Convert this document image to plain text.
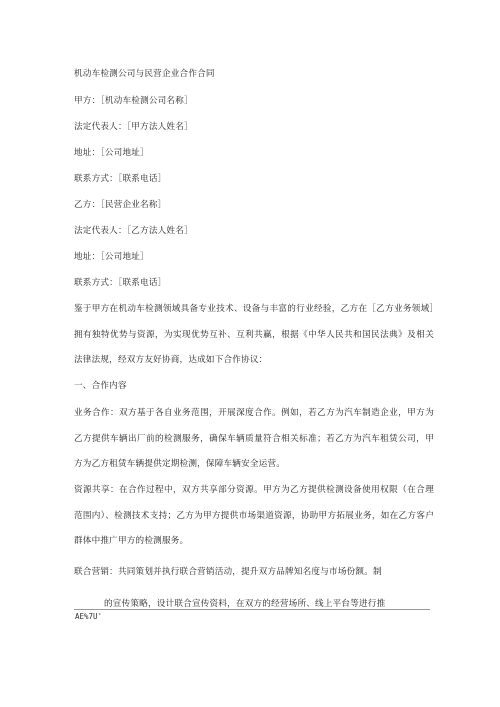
机动车检测公司与民营企业合作合同
甲方：［机动车检测公司名称］
法定代表人：［甲方法人姓名］
地址：［公司地址］
联系方式：［联系电话］
乙方：［民营企业名称］
法定代表人：［乙方法人姓名］
地址：［公司地址］
联系方式：［联系电话］
鉴于甲方在机动车检测领域具备专业技术、设备与丰富的行业经验，乙方在［乙方业务领域］拥有独特优势与资源，为实现优势互补、互利共赢，根据《中华人民共和国民法典》及相关法律法规，经双方友好协商，达成如下合作协议：
一、合作内容
业务合作：双方基于各自业务范围，开展深度合作。例如，若乙方为汽车制造企业，甲方为乙方提供车辆出厂前的检测服务，确保车辆质量符合相关标准；若乙方为汽车租赁公司，甲方为乙方租赁车辆提供定期检测，保障车辆安全运营。
资源共享：在合作过程中，双方共享部分资源。甲方为乙方提供检测设备使用权限（在合理范围内）、检测技术支持；乙方为甲方提供市场渠道资源，协助甲方拓展业务，如在乙方客户群体中推广甲方的检测服务。
联合营销：共同策划并执行联合营销活动，提升双方品牌知名度与市场份额。制
的宣传策略，设计联合宣传资料，在双方的经营场所、线上平台等进行推
AE%7U'
